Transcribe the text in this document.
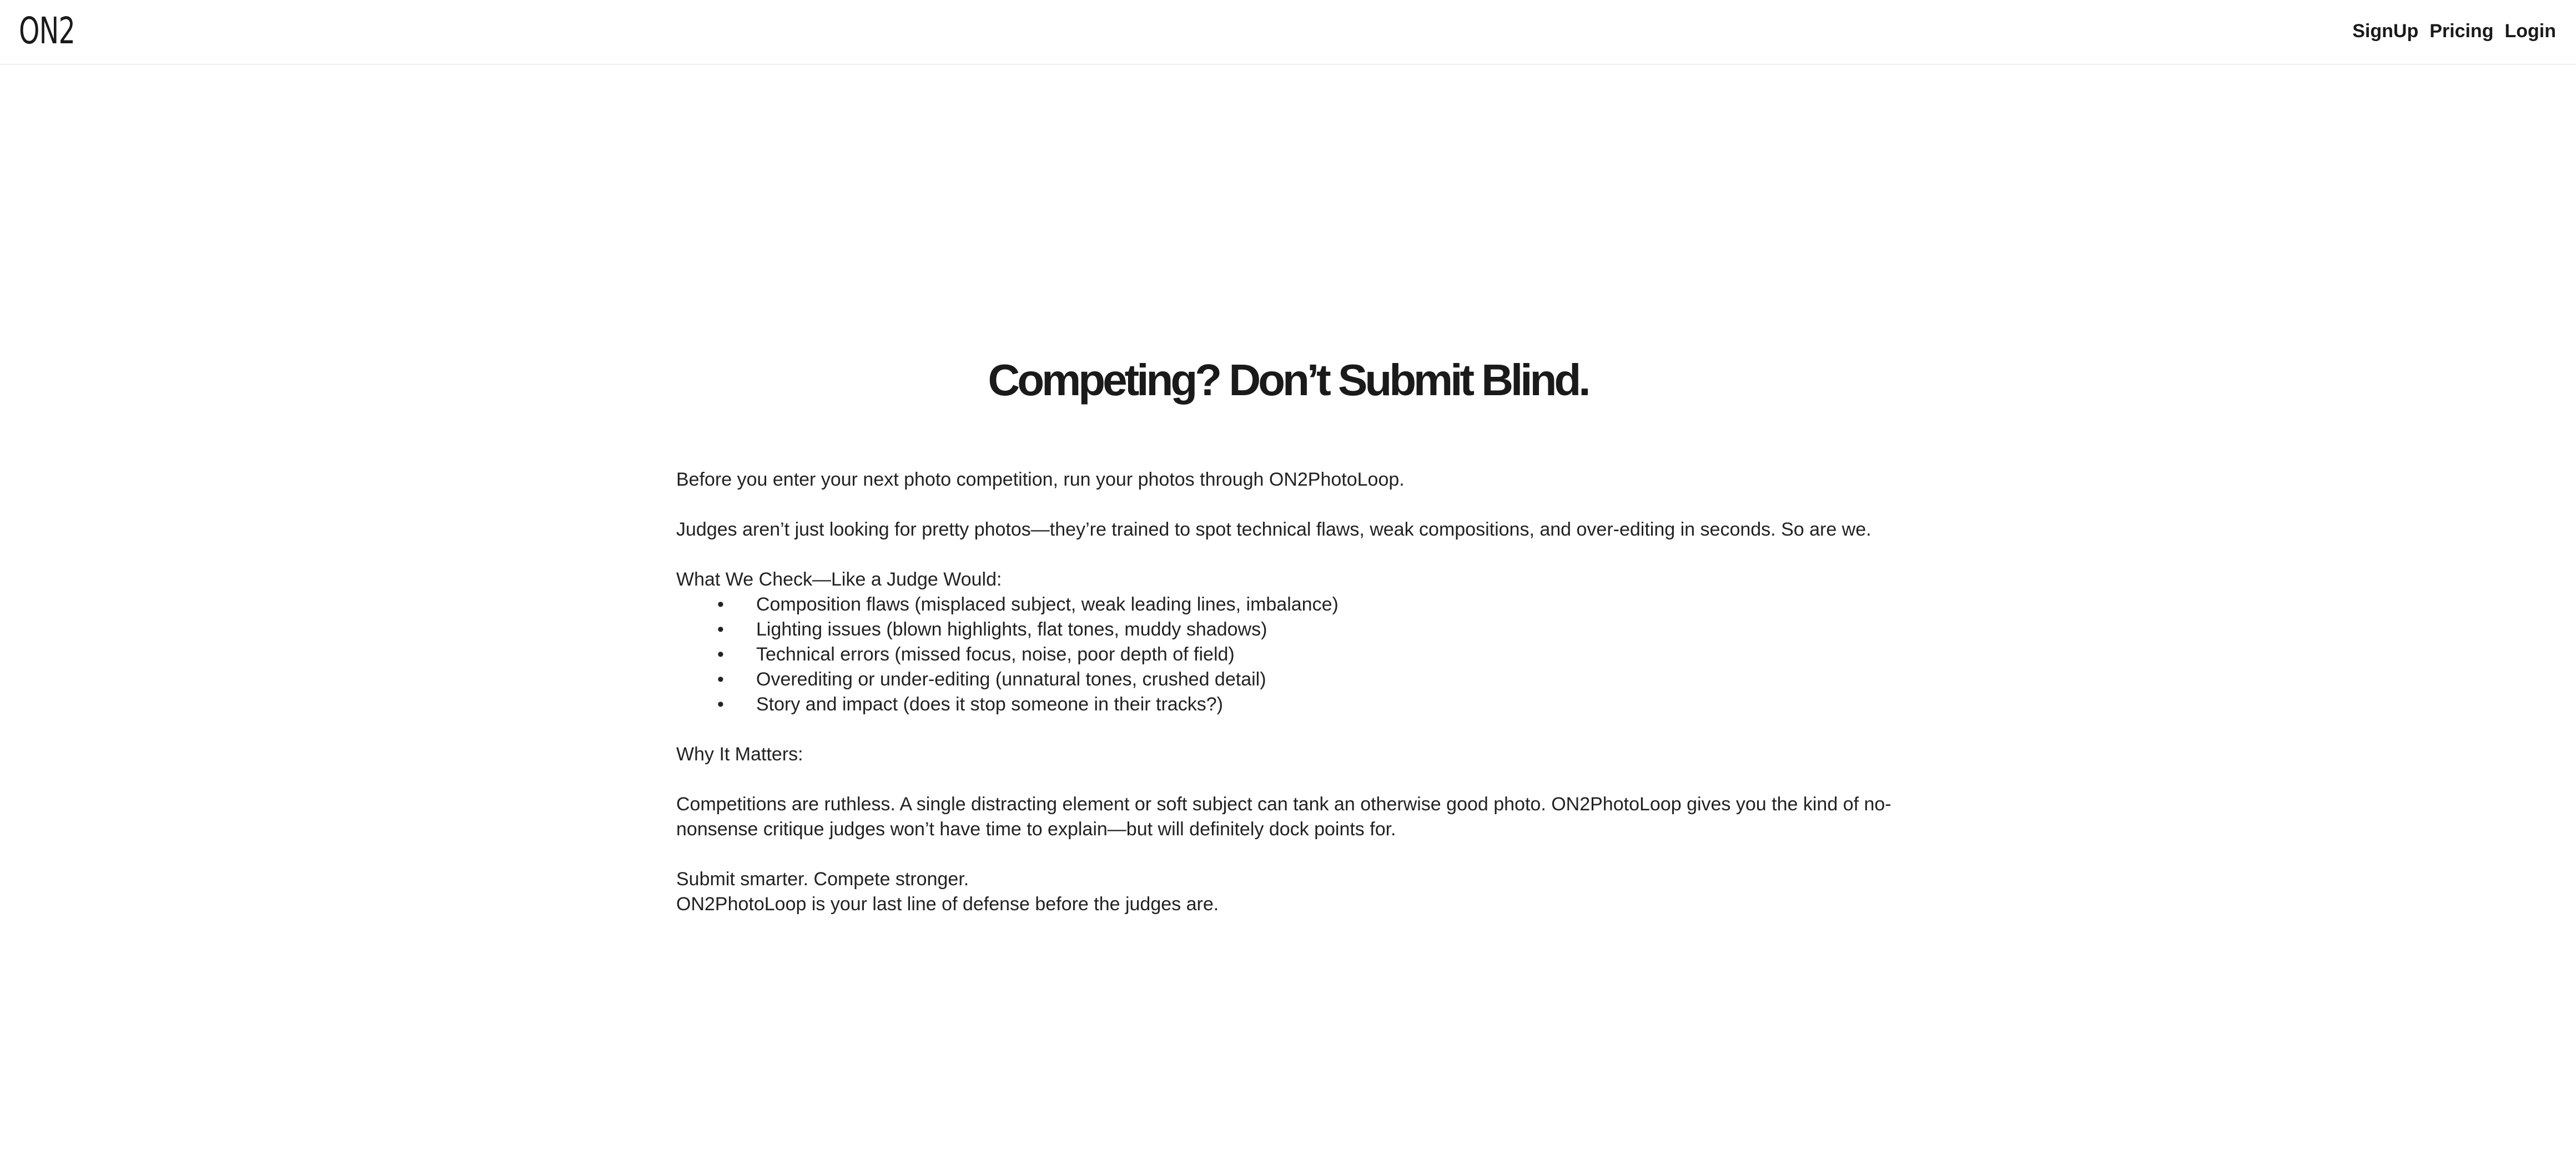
ON2	SignUp Pricing Login
Competing? Don’t Submit Blind.

Before you enter your next photo competition, run your photos through ON2PhotoLoop.

Judges aren’t just looking for pretty photos—they’re trained to spot technical flaws, weak compositions, and over-editing in seconds. So are we.

What We Check—Like a Judge Would:

• Composition flaws (misplaced subject, weak leading lines, imbalance)
• Lighting issues (blown highlights, flat tones, muddy shadows)
• Technical errors (missed focus, noise, poor depth of field)
• Overediting or under-editing (unnatural tones, crushed detail)
• Story and impact (does it stop someone in their tracks?)

Why It Matters:

Competitions are ruthless. A single distracting element or soft subject can tank an otherwise good photo. ON2PhotoLoop gives you the kind of no-nonsense critique judges won’t have time to explain—but will definitely dock points for.

Submit smarter. Compete stronger.

ON2PhotoLoop is your last line of defense before the judges are.
